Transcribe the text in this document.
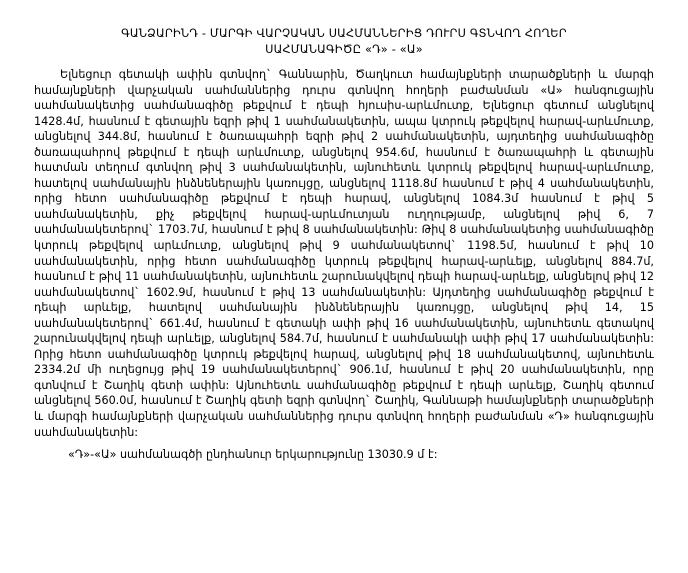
ԳԱՆՁԱՐԻՆԴ - ՄԱՐԳԻ ՎԱՐՉԱԿԱՆ ՍԱՀՄԱՆՆԵՐԻՑ ԴՈՒՐՍ ԳՏՆՎՈՂ ՀՈՂԵՐ
ՍԱՀՄԱՆԱԳԻԾԸ «Դ» - «Ա»

Ելնեցուր գետակի ափին գտնվող` Գաննարին, Ծաղկուտ համայնքների տարածքների և մարգի համայնքների վարչական սահմաններից դուրս գտնվող հողերի բաժանման «Ա» հանգուցային սահմանակետից սահմանագիծը թեքվում է դեպի հյուսիս-արևմուտք, Ելնեցուր գետում անցնելով 1428.4մ, հասնում է գետային եզրի թիվ 1 սահմանակետին, ապա կտրուկ թեքվելով հարավ-արևմուտք, անցնելով 344.8մ, հասնում է ծառապահրի եզրի թիվ 2 սահմանակետին, այդտեղից սահմանագիծը ծառապահրով թեքվում է դեպի արևմուտք, անցնելով 954.6մ, հասնում է ծառապահրի և գետային հատման տեղում գտնվող թիվ 3 սահմանակետին, այնուհետև կտրուկ թեքվելով հարավ-արևմուտք, հատելով սահմանային ինձնեներային կառույցը, անցնելով 1118.8մ հասնում է թիվ 4 սահմանակետին, որից հետո սահմանագիծը թեքվում է դեպի հարավ, անցնելով 1084.3մ հասնում է թիվ 5 սահմանակետին, քիչ թեքվելով հարավ-արևմուտյան ուղղությամբ, անցնելով թիվ 6, 7 սահմանակետերով` 1703.7մ, հասնում է թիվ 8 սահմանակետին: Թիվ 8 սահմանակետից սահմանագիծը կտրուկ թեքվելով արևմուտք, անցնելով թիվ 9 սահմանակետով` 1198.5մ, հասնում է թիվ 10 սահմանակետին, որից հետո սահմանագիծը կտրուկ թեքվելով հարավ-արևելք, անցնելով 884.7մ, հասնում է թիվ 11 սահմանակետին, այնուհետև շարունակվելով դեպի հարավ-արևելք, անցնելով թիվ 12 սահմանակետով` 1602.9մ, հասնում է թիվ 13 սահմանակետին: Այդտեղից սահմանագիծը թեքվում է դեպի արևելք, հատելով սահմանային ինձնեներային կառույցը, անցնելով թիվ 14, 15 սահմանակետերով` 661.4մ, հասնում է գետակի ափի թիվ 16 սահմանակետին, այնուհետև գետակով շարունակվելով դեպի արևելք, անցնելով 584.7մ, հասնում է սահմանակի ափի թիվ 17 սահմանակետին: Որից հետո սահմանագիծը կտրուկ թեքվելով հարավ, անցնելով թիվ 18 սահմանակետով, այնուհետև 2334.2մ մի ուղեցույց թիվ 19 սահմանակետերով` 906.1մ, հասնում է թիվ 20 սահմանակետին, որը գտնվում է Շաղիկ գետի ափին: Այնուհետև սահմանագիծը թեքվում է դեպի արևելք, Շաղիկ գետում անցնելով 560.0մ, հասնում է Շաղիկ գետի եզրի գտնվող` Շաղիկ, Գաննաթի համայնքների տարածքների և մարգի համայնքների վարչական սահմաններից դուրս գտնվող հողերի բաժանման «Դ» հանգուցային սահմանակետին:

«Դ»-«Ա» սահմանագծի ընդհանուր երկարությունը 13030.9 մ է:
